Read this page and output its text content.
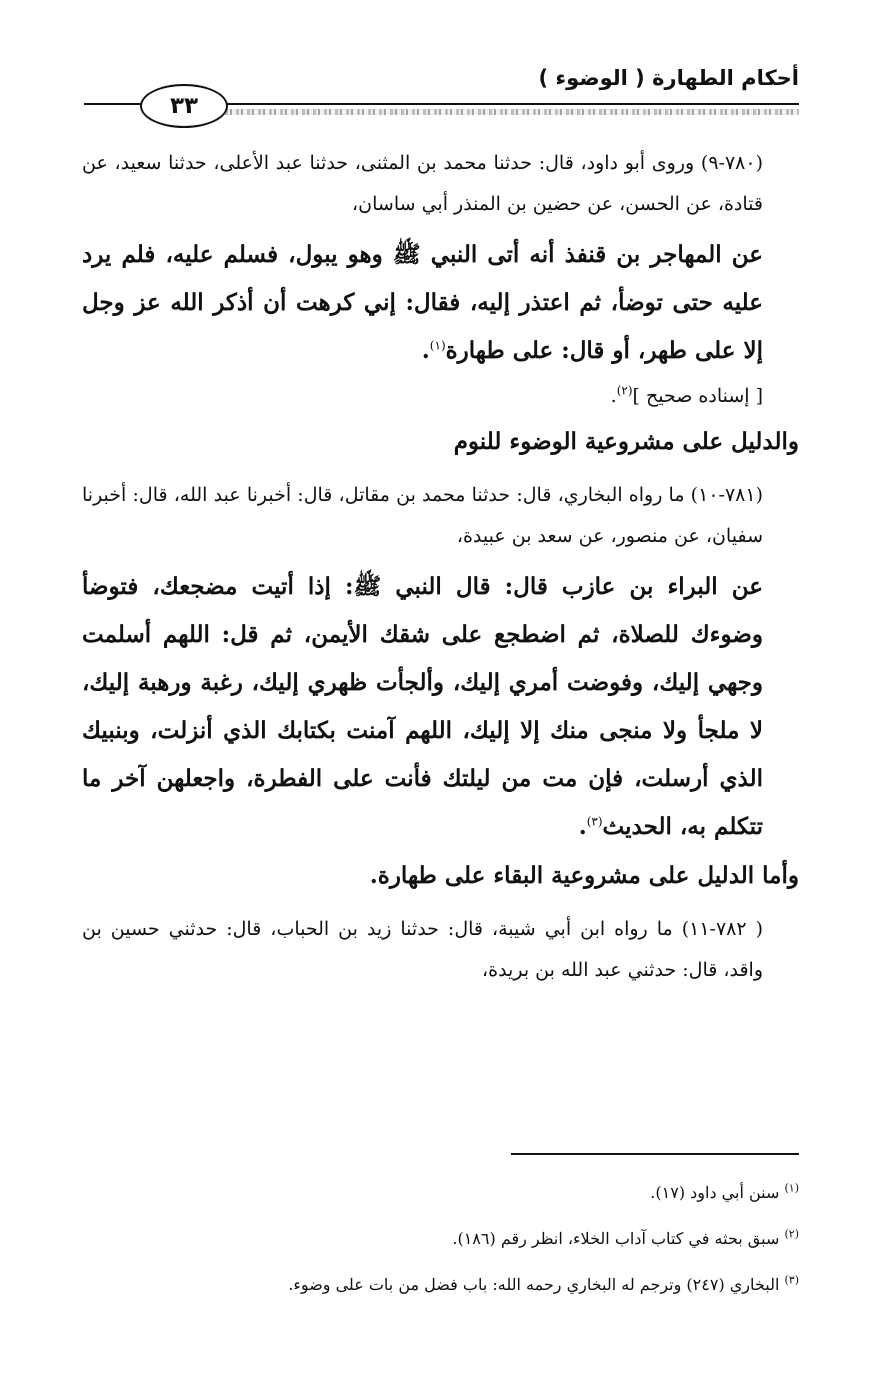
أحكام الطهارة ( الوضوء )
٣٣

(٧٨٠-٩) وروى أبو داود، قال: حدثنا محمد بن المثنى، حدثنا عبد الأعلى، حدثنا سعيد، عن قتادة، عن الحسن، عن حضين بن المنذر أبي ساسان،

عن المهاجر بن قنفذ أنه أتى النبي ﷺ وهو يبول، فسلم عليه، فلم يرد عليه حتى توضأ، ثم اعتذر إليه، فقال: إني كرهت أن أذكر الله عز وجل إلا على طهر، أو قال: على طهارة$^{(١)}$.

[ إسناده صحيح ]$^{(٢)}$.

والدليل على مشروعية الوضوء للنوم

(٧٨١-١٠) ما رواه البخاري، قال: حدثنا محمد بن مقاتل، قال: أخبرنا عبد الله، قال: أخبرنا سفيان، عن منصور، عن سعد بن عبيدة،

عن البراء بن عازب قال: قال النبي ﷺ: إذا أتيت مضجعك، فتوضأ وضوءك للصلاة، ثم اضطجع على شقك الأيمن، ثم قل: اللهم أسلمت وجهي إليك، وفوضت أمري إليك، وألجأت ظهري إليك، رغبة ورهبة إليك، لا ملجأ ولا منجى منك إلا إليك، اللهم آمنت بكتابك الذي أنزلت، وبنبيك الذي أرسلت، فإن مت من ليلتك فأنت على الفطرة، واجعلهن آخر ما تتكلم به، الحديث$^{(٣)}$.

وأما الدليل على مشروعية البقاء على طهارة.

( ٧٨٢-١١) ما رواه ابن أبي شيبة، قال: حدثنا زيد بن الحباب، قال: حدثني حسين بن واقد، قال: حدثني عبد الله بن بريدة،

$^{(١)}$ سنن أبي داود (١٧).
$^{(٢)}$ سبق بحثه في كتاب آداب الخلاء، انظر رقم (١٨٦).
$^{(٣)}$ البخاري (٢٤٧) وترجم له البخاري رحمه الله: باب فضل من بات على وضوء.
